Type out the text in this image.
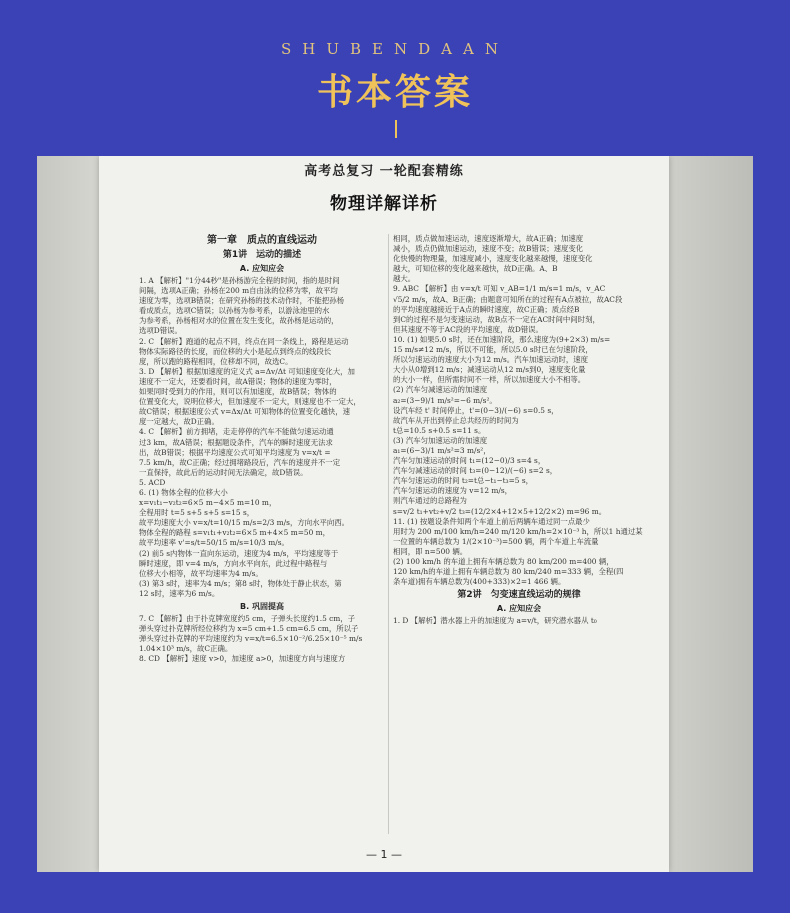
SHUBENDAAN
书本答案
高考总复习 一轮配套精练
物理详解详析
第一章　质点的直线运动
第1讲　运动的描述
A. 应知应会
1. A 【解析】"1分44秒"是孙杨游完全程的时间，指的是时间
间隔，选项A正确；孙杨在200 m自由泳的位移为零，故平均
速度为零，选项B错误；在研究孙杨的技术动作时，不能把孙杨
看成质点，选项C错误；以孙杨为参考系，以游泳池里的水
为参考系，孙杨相对水的位置在发生变化，故孙杨是运动的，
选项D错误。
2. C 【解析】跑道的起点不同，终点在同一条线上，路程是运动
物体实际路径的长度，而位移的大小是起点到终点的线段长
度，所以跑的路程相同，位移却不同，故选C。
3. D 【解析】根据加速度的定义式 a=Δv/Δt 可知速度变化大，加
速度不一定大，还要看时间，故A错误；物体的速度为零时，
如果同时受到力的作用，则可以有加速度，故B错误；物体的
位置变化大，说明位移大，但加速度不一定大，则速度也不一定大，
故C错误；根据速度公式 v=Δx/Δt 可知物体的位置变化越快，速
度一定越大，故D正确。
4. C 【解析】前方拥堵，走走停停的汽车不能做匀速运动通
过3 km，故A错误；根据题设条件，汽车的瞬时速度无法求
出，故B错误；根据平均速度公式可知平均速度为 v=x/t =
7.5 km/h，故C正确；经过拥堵路段后，汽车的速度并不一定
一直保持，故此后的运动时间无法确定，故D错误。
5. ACD
6. (1) 物体全程的位移大小
x=v₁t₁−v₂t₂=6×5 m−4×5 m=10 m，
全程用时 t=5 s+5 s+5 s=15 s，
故平均速度大小 v=x/t=10/15 m/s=2/3 m/s，方向水平向西。
物体全程的路程 s=v₁t₁+v₂t₂=6×5 m+4×5 m=50 m，
故平均速率 v'=s/t=50/15 m/s=10/3 m/s。
(2) 前5 s内物体一直向东运动，速度为4 m/s，平均速度等于
瞬时速度，即 v=4 m/s，方向水平向东，此过程中路程与
位移大小相等，故平均速率为4 m/s。
(3) 第3 s时，速率为4 m/s；第8 s时，物体处于静止状态，第
12 s时，速率为6 m/s。
B. 巩固提高
7. C 【解析】由于扑克牌宽度约5 cm，子弹头长度约1.5 cm，子
弹头穿过扑克牌所经位移约为 x=5 cm+1.5 cm=6.5 cm，所以子
弹头穿过扑克牌的平均速度约为 v=x/t=6.5×10⁻²/6.25×10⁻⁵ m/s
1.04×10³ m/s，故C正确。
8. CD 【解析】速度 v>0，加速度 a>0，加速度方向与速度方
相同，质点做加速运动，速度逐渐增大，故A正确；加速度
减小，质点仍做加速运动，速度不变；故B错误；速度变化
化快慢的物理量，加速度减小，速度变化越来越慢，速度变化
越大，可知位移的变化越来越快，故D正确。A、B
越大。
9. ABC 【解析】由 v=x/t 可知 v_AB=1/1 m/s=1 m/s，v_AC
√5/2 m/s，故A、B正确；由题意可知所在的过程有A点被拉，故AC段
的平均速度越接近于A点的瞬时速度，故C正确；质点经B
到C的过程不是匀变速运动，故B点不一定在AC时间中间时刻，
但其速度不等于AC段的平均速度，故D错误。
10. (1) 如果5.0 s时，还在加速阶段，那么速度为(9+2×3) m/s=
15 m/s≠12 m/s，所以不可能，所以5.0 s时已在匀速阶段，
所以匀速运动的速度大小为12 m/s。汽车加速运动时，速度
大小从0增到12 m/s；减速运动从12 m/s到0，速度变化量
的大小一样，但所需时间不一样，所以加速度大小不相等。
(2) 汽车匀减速运动的加速度
a₂=(3−9)/1 m/s²=−6 m/s²。
设汽车经 t' 时间停止，t'=(0−3)/(−6) s=0.5 s，
故汽车从开出到停止总共经历的时间为
t总=10.5 s+0.5 s=11 s。
(3) 汽车匀加速运动的加速度
a₁=(6−3)/1 m/s²=3 m/s²，
汽车匀加速运动的时间 t₁=(12−0)/3 s=4 s，
汽车匀减速运动的时间 t₃=(0−12)/(−6) s=2 s，
汽车匀速运动的时间 t₂=t总−t₁−t₃=5 s，
汽车匀速运动的速度为 v=12 m/s，
则汽车通过的总路程为
s=v/2 t₁+vt₂+v/2 t₃=(12/2×4+12×5+12/2×2) m=96 m。
11. (1) 按题设条件知两个车道上前后两辆车通过同一点最少
用时为 200 m/100 km/h=240 m/120 km/h=2×10⁻³ h，所以1 h通过某
一位置的车辆总数为 1/(2×10⁻³)=500 辆，两个车道上车流量
相同，即 n=500 辆。
(2) 100 km/h 的车道上拥有车辆总数为 80 km/200 m=400 辆，
120 km/h的车道上拥有车辆总数为 80 km/240 m=333 辆，全程(四
条车道)拥有车辆总数为(400+333)×2=1 466 辆。
第2讲　匀变速直线运动的规律
A. 应知应会
1. D 【解析】潜水器上升的加速度为 a=v/t，研究潜水器从 t₀
— 1 —
